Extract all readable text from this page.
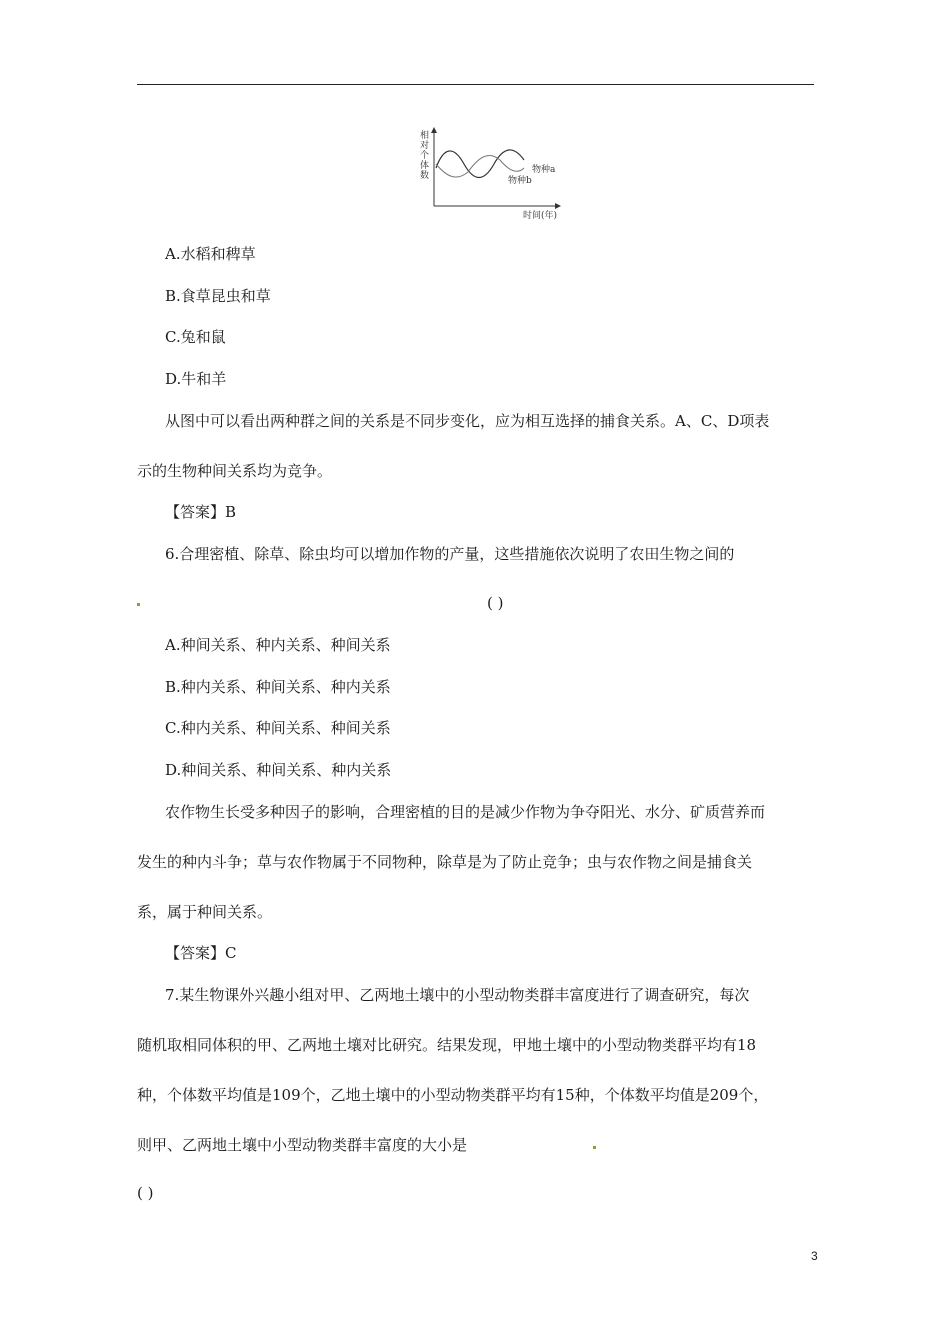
物种a
物种b
时间(年)
相
对
个
体
数
A.水稻和稗草
B.食草昆虫和草
C.兔和鼠
D.牛和羊
从图中可以看出两种群之间的关系是不同步变化，应为相互选择的捕食关系。A、C、D项表
示的生物种间关系均为竞争。
【答案】B
6.合理密植、除草、除虫均可以增加作物的产量，这些措施依次说明了农田生物之间的
( )
A.种间关系、种内关系、种间关系
B.种内关系、种间关系、种内关系
C.种内关系、种间关系、种间关系
D.种间关系、种间关系、种内关系
农作物生长受多种因子的影响，合理密植的目的是减少作物为争夺阳光、水分、矿质营养而
发生的种内斗争；草与农作物属于不同物种，除草是为了防止竞争；虫与农作物之间是捕食关
系，属于种间关系。
【答案】C
7.某生物课外兴趣小组对甲、乙两地土壤中的小型动物类群丰富度进行了调查研究，每次
随机取相同体积的甲、乙两地土壤对比研究。结果发现，甲地土壤中的小型动物类群平均有18
种，个体数平均值是109个，乙地土壤中的小型动物类群平均有15种，个体数平均值是209个，
则甲、乙两地土壤中小型动物类群丰富度的大小是
( )
3
